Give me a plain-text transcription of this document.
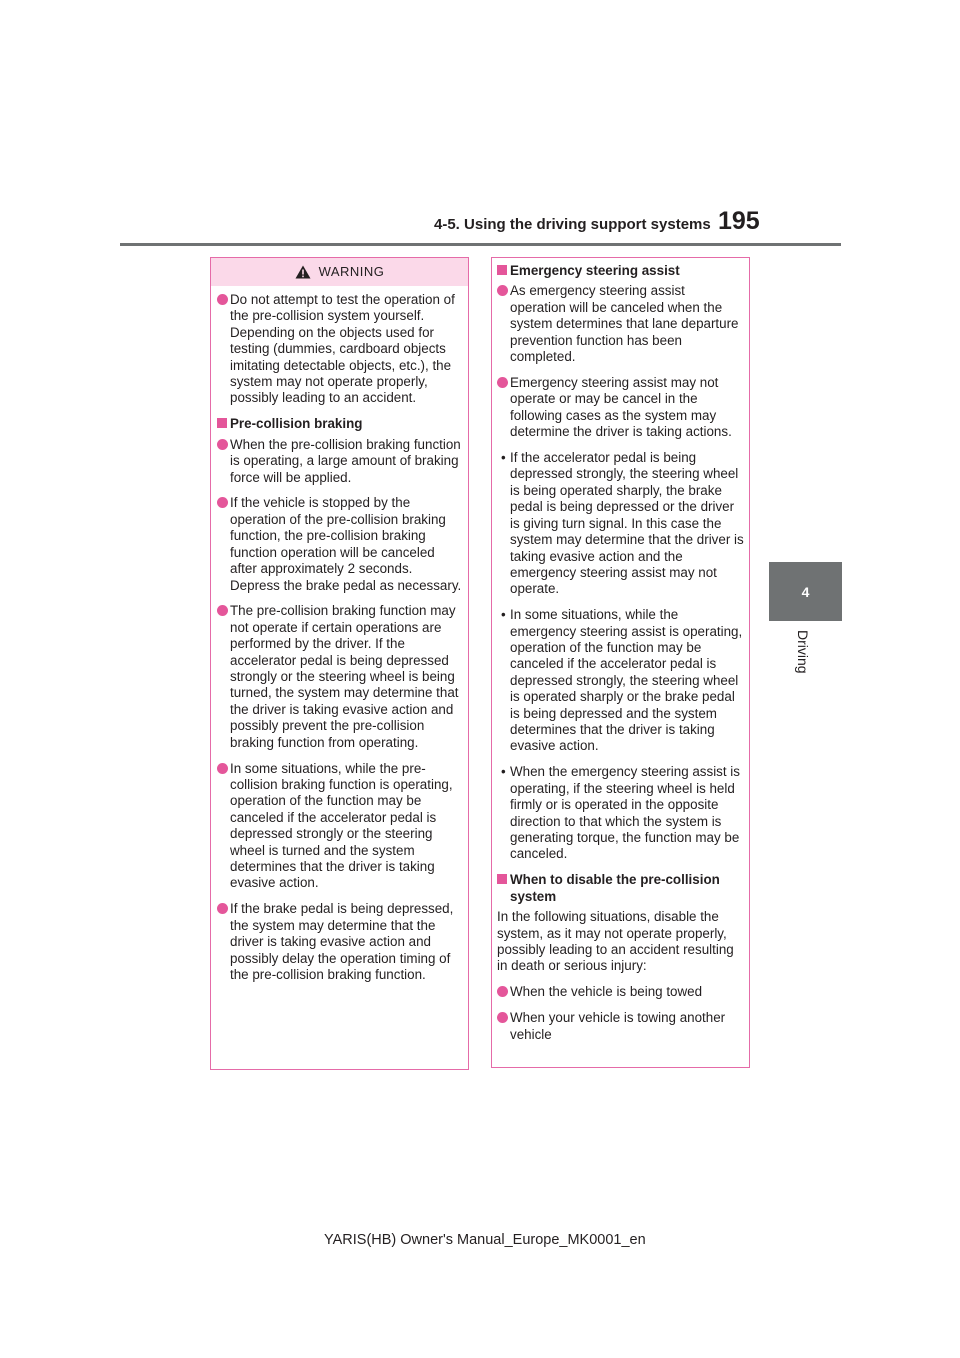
4-5. Using the driving support systems 195
4
Driving
WARNING
Do not attempt to test the operation of the pre-collision system yourself. Depending on the objects used for testing (dummies, cardboard objects imitating detectable objects, etc.), the system may not operate properly, possibly leading to an accident.
Pre-collision braking
When the pre-collision braking function is operating, a large amount of braking force will be applied.
If the vehicle is stopped by the operation of the pre-collision braking function, the pre-collision braking function operation will be canceled after approximately 2 seconds. Depress the brake pedal as necessary.
The pre-collision braking function may not operate if certain operations are performed by the driver. If the accelerator pedal is being depressed strongly or the steering wheel is being turned, the system may determine that the driver is taking evasive action and possibly prevent the pre-collision braking function from operating.
In some situations, while the pre-collision braking function is operating, operation of the function may be canceled if the accelerator pedal is depressed strongly or the steering wheel is turned and the system determines that the driver is taking evasive action.
If the brake pedal is being depressed, the system may determine that the driver is taking evasive action and possibly delay the operation timing of the pre-collision braking function.
Emergency steering assist
As emergency steering assist operation will be canceled when the system determines that lane departure prevention function has been completed.
Emergency steering assist may not operate or may be cancel in the following cases as the system may determine the driver is taking actions.
• If the accelerator pedal is being depressed strongly, the steering wheel is being operated sharply, the brake pedal is being depressed or the driver is giving turn signal. In this case the system may determine that the driver is taking evasive action and the emergency steering assist may not operate.
• In some situations, while the emergency steering assist is operating, operation of the function may be canceled if the accelerator pedal is depressed strongly, the steering wheel is operated sharply or the brake pedal is being depressed and the system determines that the driver is taking evasive action.
• When the emergency steering assist is operating, if the steering wheel is held firmly or is operated in the opposite direction to that which the system is generating torque, the function may be canceled.
When to disable the pre-collision system
In the following situations, disable the system, as it may not operate properly, possibly leading to an accident resulting in death or serious injury:
When the vehicle is being towed
When your vehicle is towing another vehicle
YARIS(HB) Owner's Manual_Europe_MK0001_en
